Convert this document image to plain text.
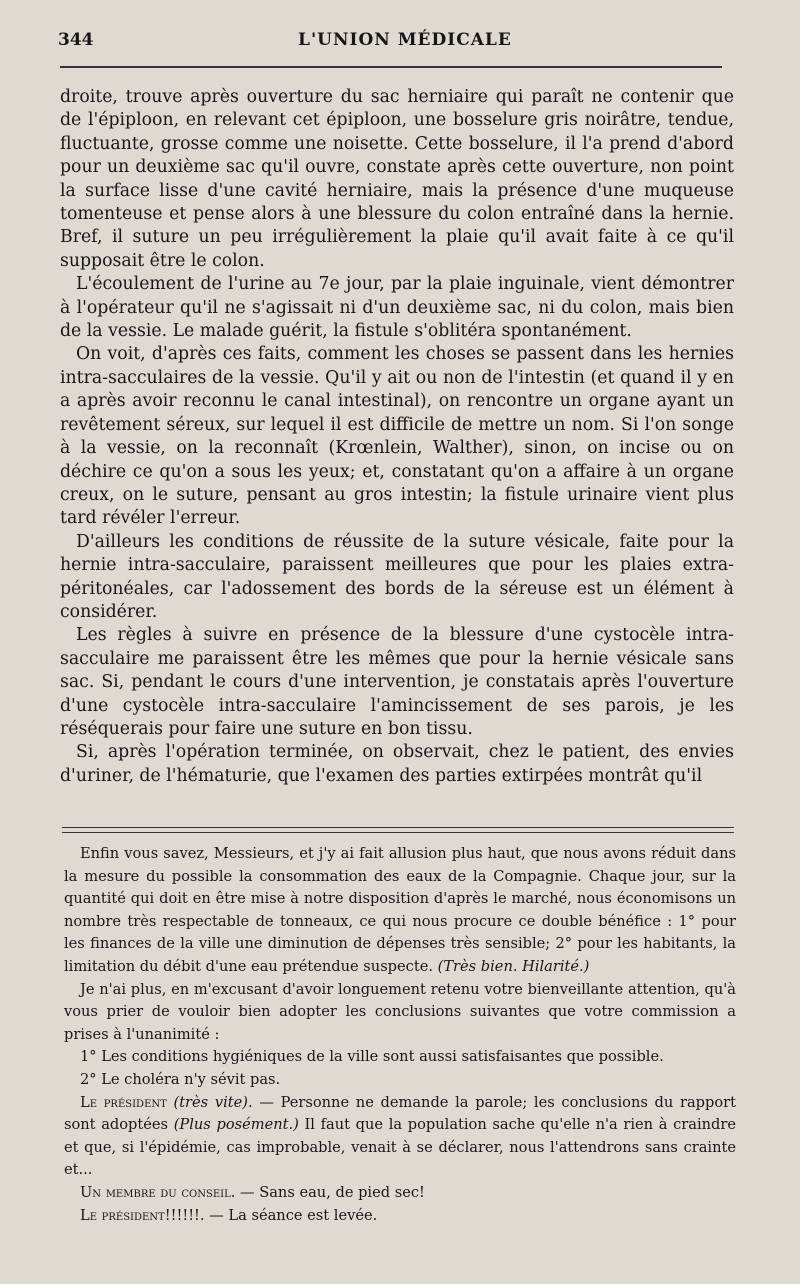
344	L'UNION MÉDICALE

droite, trouve après ouverture du sac herniaire qui paraît ne contenir que de l'épiploon, en relevant cet épiploon, une bosselure gris noirâtre, tendue, fluctuante, grosse comme une noisette. Cette bosselure, il l'a prend d'abord pour un deuxième sac qu'il ouvre, constate après cette ouverture, non point la surface lisse d'une cavité herniaire, mais la présence d'une muqueuse tomenteuse et pense alors à une blessure du colon entraîné dans la hernie. Bref, il suture un peu irrégulièrement la plaie qu'il avait faite à ce qu'il supposait être le colon.

L'écoulement de l'urine au 7e jour, par la plaie inguinale, vient démontrer à l'opérateur qu'il ne s'agissait ni d'un deuxième sac, ni du colon, mais bien de la vessie. Le malade guérit, la fistule s'oblitéra spontanément.

On voit, d'après ces faits, comment les choses se passent dans les hernies intra-sacculaires de la vessie. Qu'il y ait ou non de l'intestin (et quand il y en a après avoir reconnu le canal intestinal), on rencontre un organe ayant un revêtement séreux, sur lequel il est difficile de mettre un nom. Si l'on songe à la vessie, on la reconnaît (Krœnlein, Walther), sinon, on incise ou on déchire ce qu'on a sous les yeux; et, constatant qu'on a affaire à un organe creux, on le suture, pensant au gros intestin; la fistule urinaire vient plus tard révéler l'erreur.

D'ailleurs les conditions de réussite de la suture vésicale, faite pour la hernie intra-sacculaire, paraissent meilleures que pour les plaies extra-péritonéales, car l'adossement des bords de la séreuse est un élément à considérer.

Les règles à suivre en présence de la blessure d'une cystocèle intra-sacculaire me paraissent être les mêmes que pour la hernie vésicale sans sac. Si, pendant le cours d'une intervention, je constatais après l'ouverture d'une cystocèle intra-sacculaire l'amincissement de ses parois, je les réséquerais pour faire une suture en bon tissu.

Si, après l'opération terminée, on observait, chez le patient, des envies d'uriner, de l'hématurie, que l'examen des parties extirpées montrât qu'il

Enfin vous savez, Messieurs, et j'y ai fait allusion plus haut, que nous avons réduit dans la mesure du possible la consommation des eaux de la Compagnie. Chaque jour, sur la quantité qui doit en être mise à notre disposition d'après le marché, nous économisons un nombre très respectable de tonneaux, ce qui nous procure ce double bénéfice : 1° pour les finances de la ville une diminution de dépenses très sensible; 2° pour les habitants, la limitation du débit d'une eau prétendue suspecte. (Très bien. Hilarité.)

Je n'ai plus, en m'excusant d'avoir longuement retenu votre bienveillante attention, qu'à vous prier de vouloir bien adopter les conclusions suivantes que votre commission a prises à l'unanimité :

1° Les conditions hygiéniques de la ville sont aussi satisfaisantes que possible.

2° Le choléra n'y sévit pas.

Le président (très vite). — Personne ne demande la parole; les conclusions du rapport sont adoptées (Plus posément.) Il faut que la population sache qu'elle n'a rien à craindre et que, si l'épidémie, cas improbable, venait à se déclarer, nous l'attendrons sans crainte et...

Un membre du conseil. — Sans eau, de pied sec!

Le président!!!!!!. — La séance est levée.
